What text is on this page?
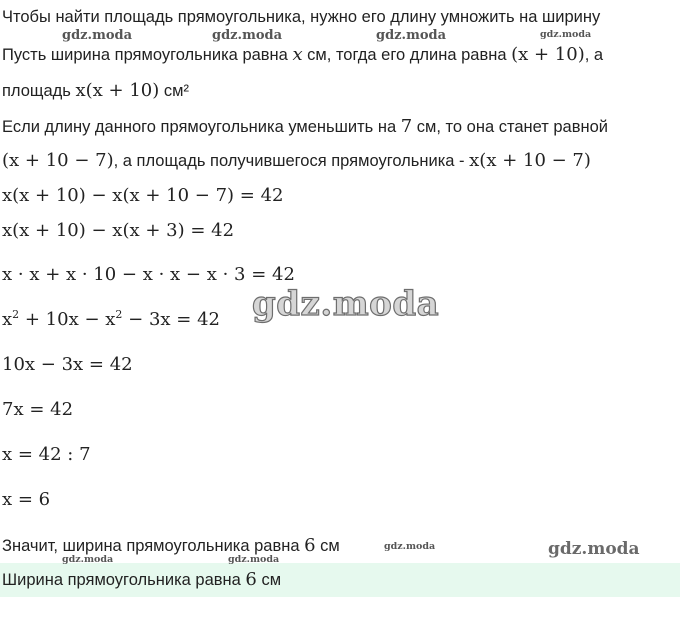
Чтобы найти площадь прямоугольника, нужно его длину умножить на ширину
Пусть ширина прямоугольника равна x см, тогда его длина равна (x + 10), а
площадь x(x + 10) см²
Если длину данного прямоугольника уменьшить на 7 см, то она станет равной
(x + 10 − 7), а площадь получившегося прямоугольника - x(x + 10 − 7)
x(x + 10) − x(x + 10 − 7) = 42
x(x + 10) − x(x + 3) = 42
x · x + x · 10 − x · x − x · 3 = 42
$x^2 + 10x - x^2 - 3x = 42$
10x − 3x = 42
7x = 42
x = 42 : 7
x = 6
Значит, ширина прямоугольника равна 6 см
Ширина прямоугольника равна 6 см
gdz.moda	gdz.moda	gdz.moda	gdz.moda
gdz.moda
gdz.moda	gdz.moda
gdz.moda	gdz.moda
